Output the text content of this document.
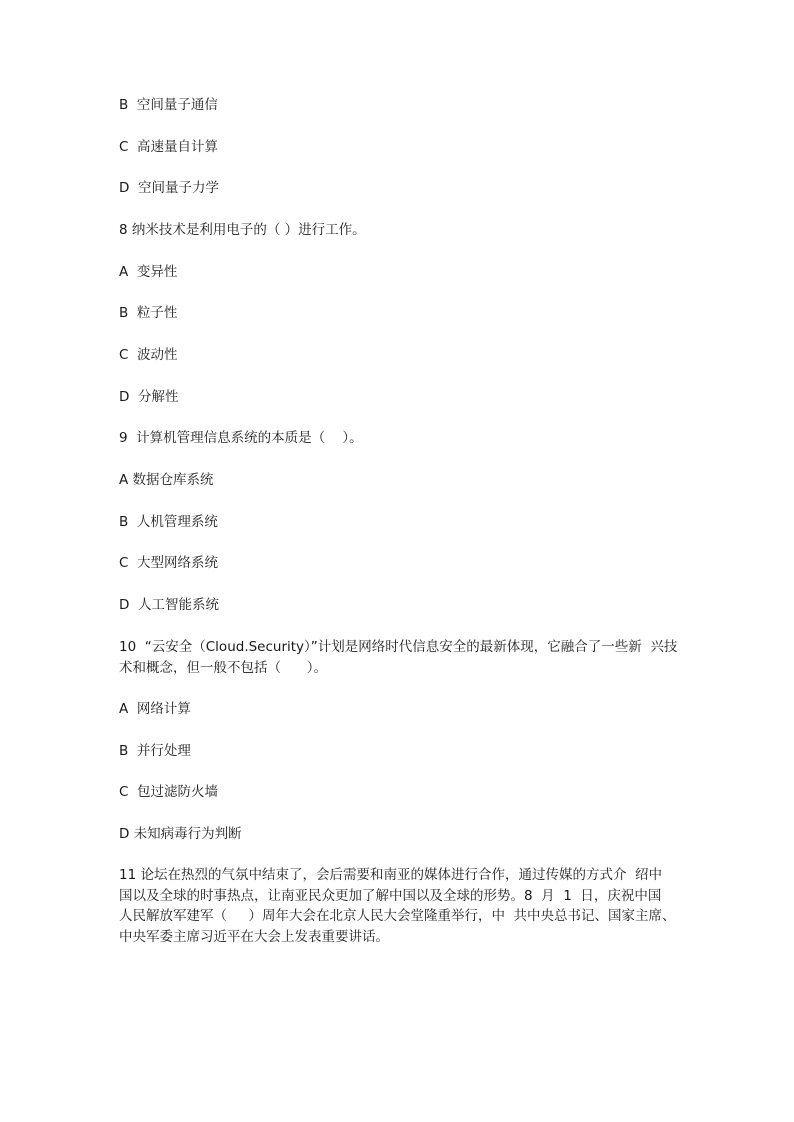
B  空间量子通信

C  高速量自计算

D  空间量子力学

8 纳米技术是利用电子的（ ）进行工作。

A  变异性

B  粒子性

C  波动性

D  分解性

9  计算机管理信息系统的本质是（    ）。

A 数据仓库系统

B  人机管理系统

C  大型网络系统

D  人工智能系统

10  “云安全（Cloud.Security）”计划是网络时代信息安全的最新体现，它融合了一些新  兴技
术和概念，但一般不包括（      ）。

A  网络计算

B  并行处理

C  包过滤防火墙

D 未知病毒行为判断

11 论坛在热烈的气氛中结束了，会后需要和南亚的媒体进行合作，通过传媒的方式介  绍中
国以及全球的时事热点，让南亚民众更加了解中国以及全球的形势。8  月  1  日，庆祝中国
人民解放军建军（     ）周年大会在北京人民大会堂隆重举行，中  共中央总书记、国家主席、
中央军委主席习近平在大会上发表重要讲话。
